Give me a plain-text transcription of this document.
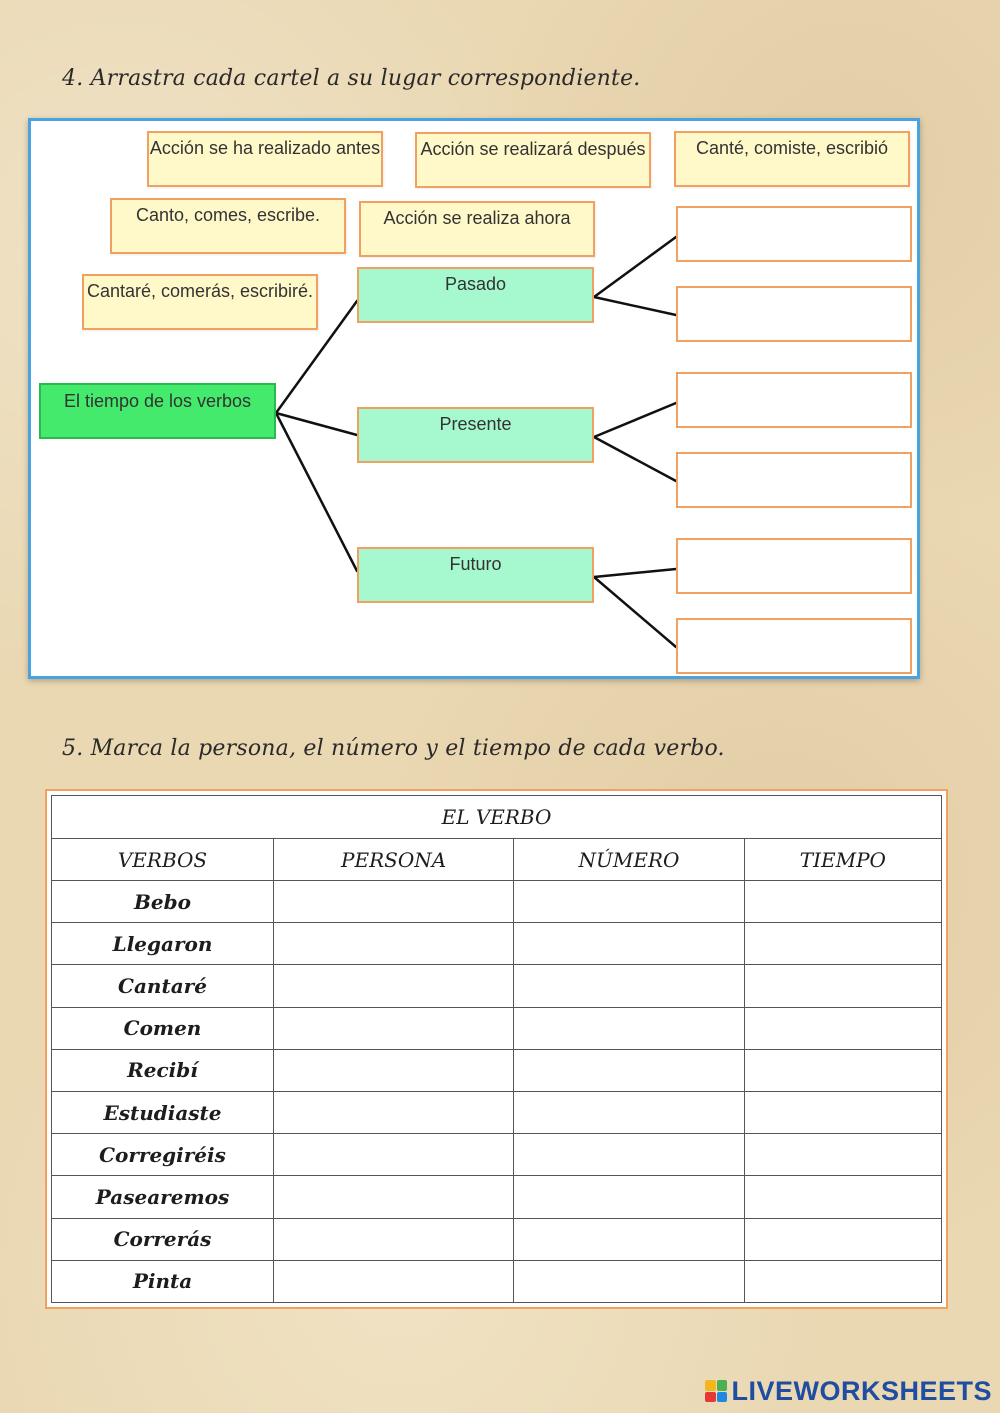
4. Arrastra cada cartel a su lugar correspondiente.
Acción se ha realizado antes	Acción se realizará después	Canté, comiste, escribió
Canto, comes, escribe.	Acción se realiza ahora
Cantaré, comerás, escribiré.
El tiempo de los verbos
Pasado
Presente
Futuro
5. Marca la persona, el número y el tiempo de cada verbo.
EL VERBO			
VERBOS	PERSONA	NÚMERO	TIEMPO
Bebo			
Llegaron			
Cantaré			
Comen			
Recibí			
Estudiaste			
Corregiréis			
Pasearemos			
Correrás			
Pinta			
LIVEWORKSHEETS
